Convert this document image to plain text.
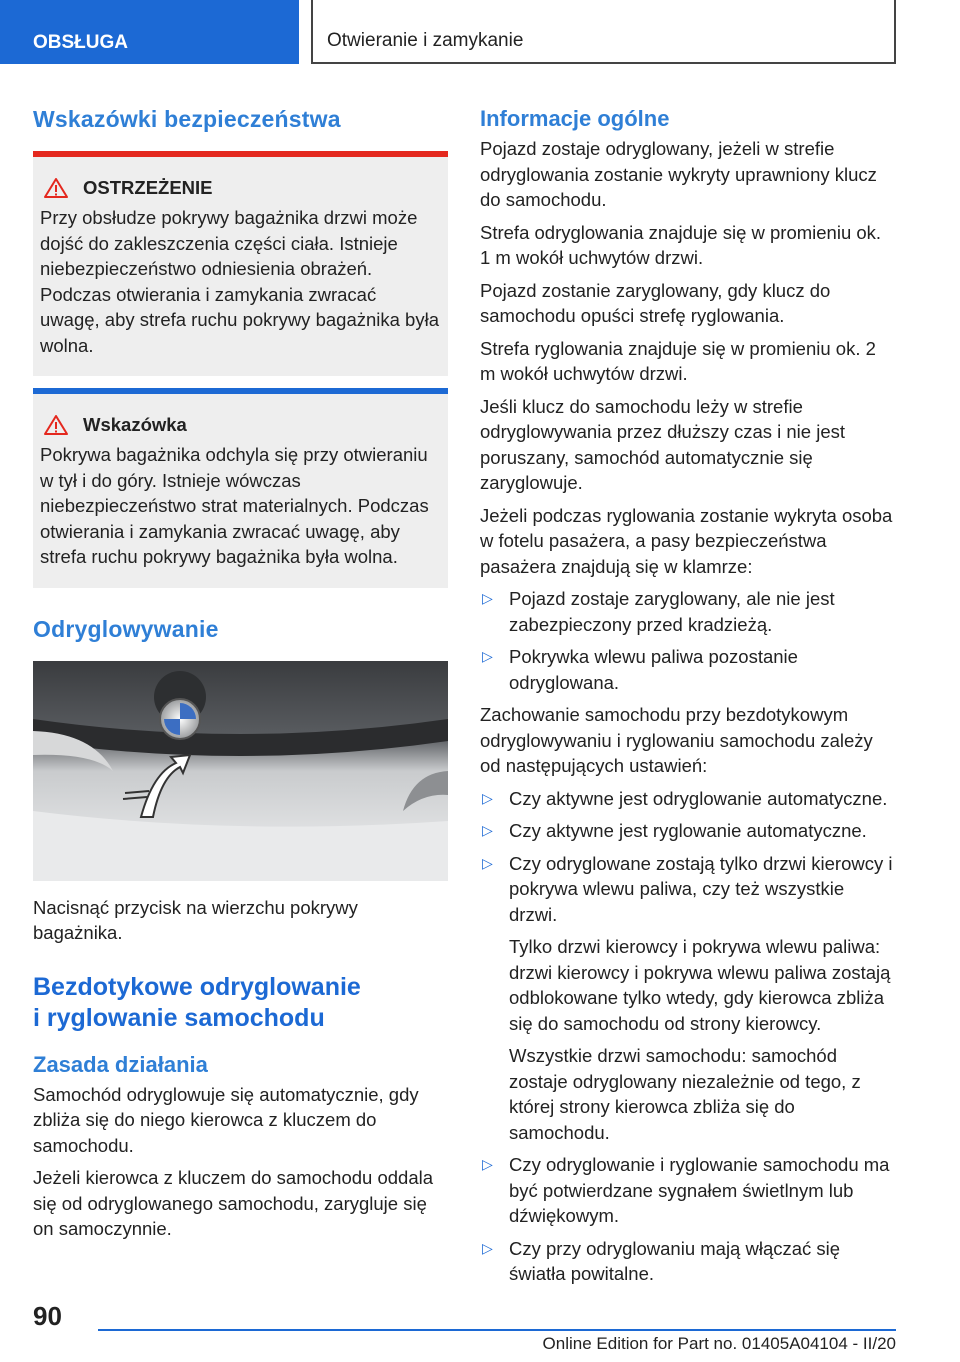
OBSŁUGA	Otwieranie i zamykanie
Wskazówki bezpieczeństwa
OSTRZEŻENIE

Przy obsłudze pokrywy bagażnika drzwi może dojść do zakleszczenia części ciała. Istnieje niebezpieczeństwo odniesienia obrażeń. Podczas otwierania i zamykania zwracać uwagę, aby strefa ruchu pokrywy bagażnika była wolna.

Wskazówka

Pokrywa bagażnika odchyla się przy otwieraniu w tył i do góry. Istnieje wówczas niebezpieczeństwo strat materialnych. Podczas otwierania i zamykania zwracać uwagę, aby strefa ruchu pokrywy bagażnika była wolna.

Odryglowywanie

Nacisnąć przycisk na wierzchu pokrywy bagażnika.

Bezdotykowe odryglowanie
i ryglowanie samochodu
Zasada działania

Samochód odryglowuje się automatycznie, gdy zbliża się do niego kierowca z kluczem do samochodu.

Jeżeli kierowca z kluczem do samochodu oddala się od odryglowanego samochodu, zarygluje się on samoczynnie.

Informacje ogólne

Pojazd zostaje odryglowany, jeżeli w strefie odryglowania zostanie wykryty uprawniony klucz do samochodu.

Strefa odryglowania znajduje się w promieniu ok. 1 m wokół uchwytów drzwi.

Pojazd zostanie zaryglowany, gdy klucz do samochodu opuści strefę ryglowania.

Strefa ryglowania znajduje się w promieniu ok. 2 m wokół uchwytów drzwi.

Jeśli klucz do samochodu leży w strefie odryglowywania przez dłuższy czas i nie jest poruszany, samochód automatycznie się zaryglowuje.

Jeżeli podczas ryglowania zostanie wykryta osoba w fotelu pasażera, a pasy bezpieczeństwa pasażera znajdują się w klamrze:

▷ Pojazd zostaje zaryglowany, ale nie jest zabezpieczony przed kradzieżą.
▷ Pokrywka wlewu paliwa pozostanie odryglowana.

Zachowanie samochodu przy bezdotykowym odryglowywaniu i ryglowaniu samochodu zależy od następujących ustawień:

▷ Czy aktywne jest odryglowanie automatyczne.
▷ Czy aktywne jest ryglowanie automatyczne.
▷ Czy odryglowane zostają tylko drzwi kierowcy i pokrywa wlewu paliwa, czy też wszystkie drzwi.

Tylko drzwi kierowcy i pokrywa wlewu paliwa: drzwi kierowcy i pokrywa wlewu paliwa zostają odblokowane tylko wtedy, gdy kierowca zbliża się do samochodu od strony kierowcy.

Wszystkie drzwi samochodu: samochód zostaje odryglowany niezależnie od tego, z której strony kierowca zbliża się do samochodu.

▷ Czy odryglowanie i ryglowanie samochodu ma być potwierdzane sygnałem świetlnym lub dźwiękowym.
▷ Czy przy odryglowaniu mają włączać się światła powitalne.
90
Online Edition for Part no. 01405A04104 - II/20
